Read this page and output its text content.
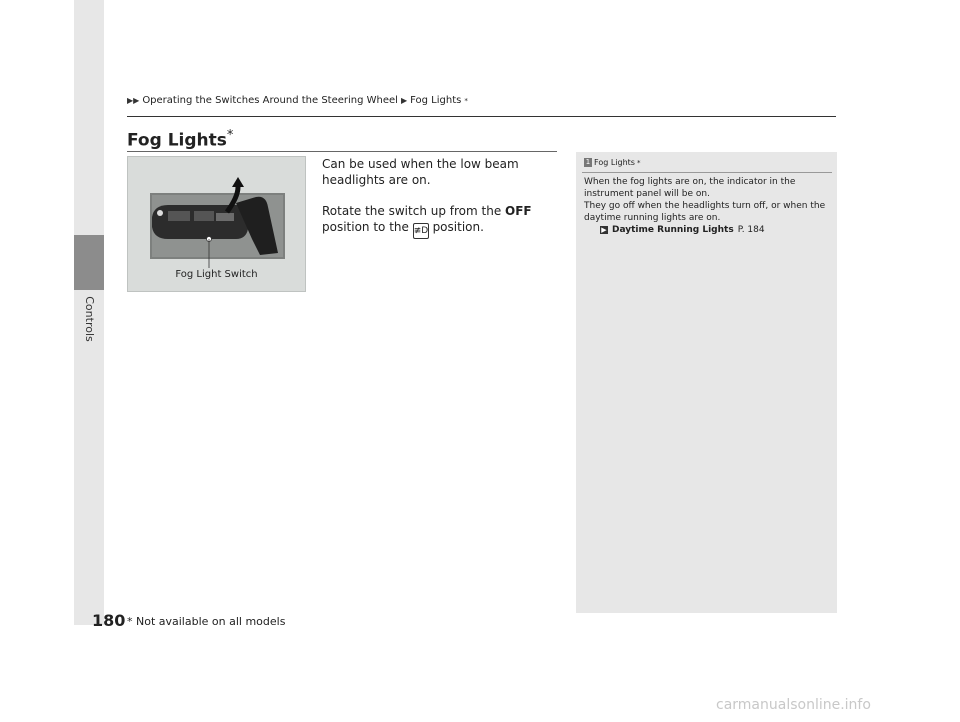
Controls
▶▶ Operating the Switches Around the Steering Wheel ▶ Fog Lights *
Fog Lights*
Fog Light Switch

Can be used when the low beam headlights are on.

Rotate the switch up from the OFF position to the ≢D position.

1 Fog Lights *
When the fog lights are on, the indicator in the instrument panel will be on.
They go off when the headlights turn off, or when the daytime running lights are on.
▶ Daytime Running Lights P. 184
180 * Not available on all models
carmanualsonline.info
